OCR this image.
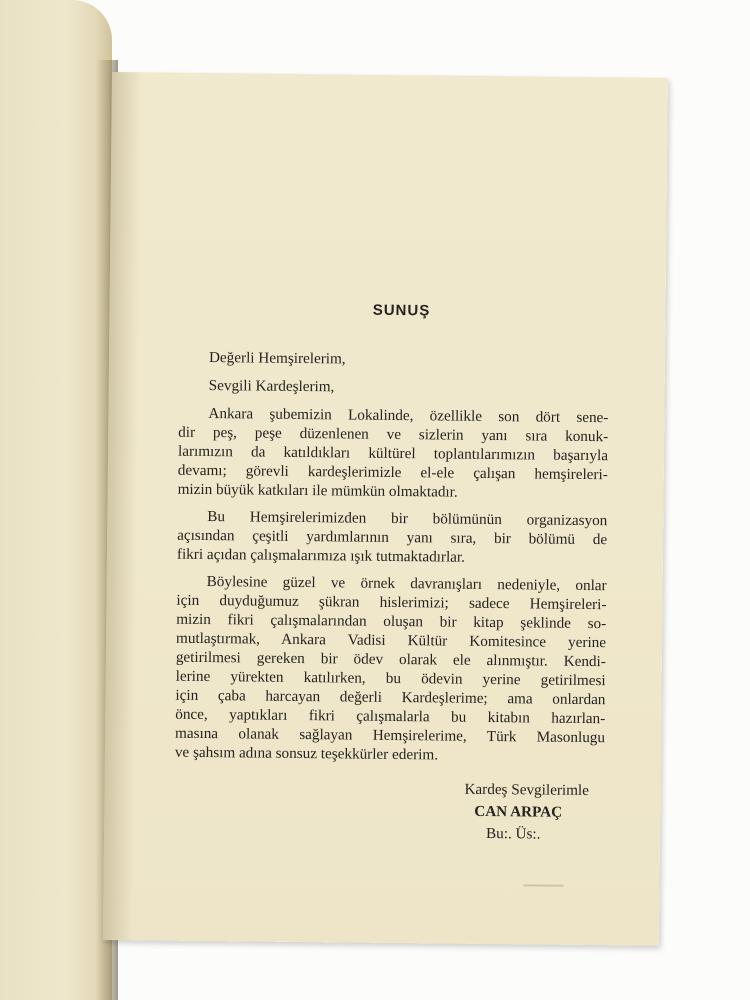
SUNUŞ
Değerli Hemşirelerim,
Sevgili Kardeşlerim,
Ankara şubemizin Lokalinde, özellikle son dört sene-
dir peş, peşe düzenlenen ve sizlerin yanı sıra konuk-
larımızın da katıldıkları kültürel toplantılarımızın başarıyla
devamı; görevli kardeşlerimizle el-ele çalışan hemşireleri-
mizin büyük katkıları ile mümkün olmaktadır.
Bu Hemşirelerimizden bir bölümünün organizasyon
açısından çeşitli yardımlarının yanı sıra, bir bölümü de
fikri açıdan çalışmalarımıza ışık tutmaktadırlar.
Böylesine güzel ve örnek davranışları nedeniyle, onlar
için duyduğumuz şükran hislerimizi; sadece Hemşireleri-
mizin fikri çalışmalarından oluşan bir kitap şeklinde so-
mutlaştırmak, Ankara Vadisi Kültür Komitesince yerine
getirilmesi gereken bir ödev olarak ele alınmıştır. Kendi-
lerine yürekten katılırken, bu ödevin yerine getirilmesi
için çaba harcayan değerli Kardeşlerime; ama onlardan
önce, yaptıkları fikri çalışmalarla bu kitabın hazırlan-
masına olanak sağlayan Hemşirelerime, Türk Masonlugu
ve şahsım adına sonsuz teşekkürler ederim.
Kardeş Sevgilerimle
CAN ARPAÇ
Bu:. Üs:.
